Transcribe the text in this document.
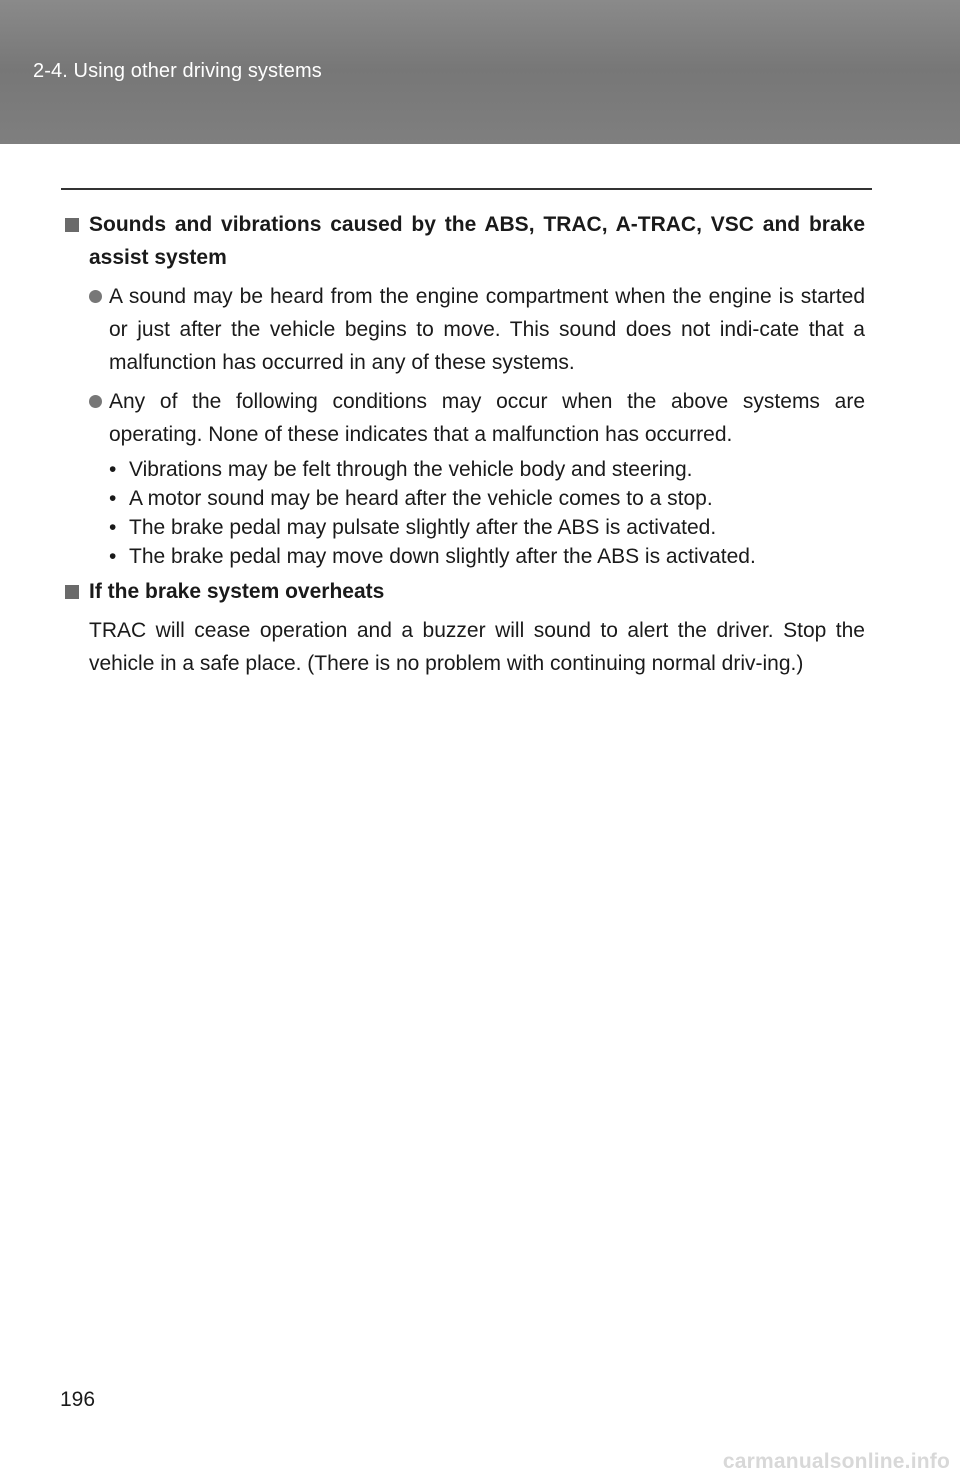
2-4. Using other driving systems
Sounds and vibrations caused by the ABS, TRAC, A-TRAC, VSC and brake assist system
A sound may be heard from the engine compartment when the engine is started or just after the vehicle begins to move. This sound does not indi-cate that a malfunction has occurred in any of these systems.
Any of the following conditions may occur when the above systems are operating. None of these indicates that a malfunction has occurred.
• Vibrations may be felt through the vehicle body and steering.
• A motor sound may be heard after the vehicle comes to a stop.
• The brake pedal may pulsate slightly after the ABS is activated.
• The brake pedal may move down slightly after the ABS is activated.
If the brake system overheats
TRAC will cease operation and a buzzer will sound to alert the driver. Stop the vehicle in a safe place. (There is no problem with continuing normal driv-ing.)
196
carmanualsonline.info
